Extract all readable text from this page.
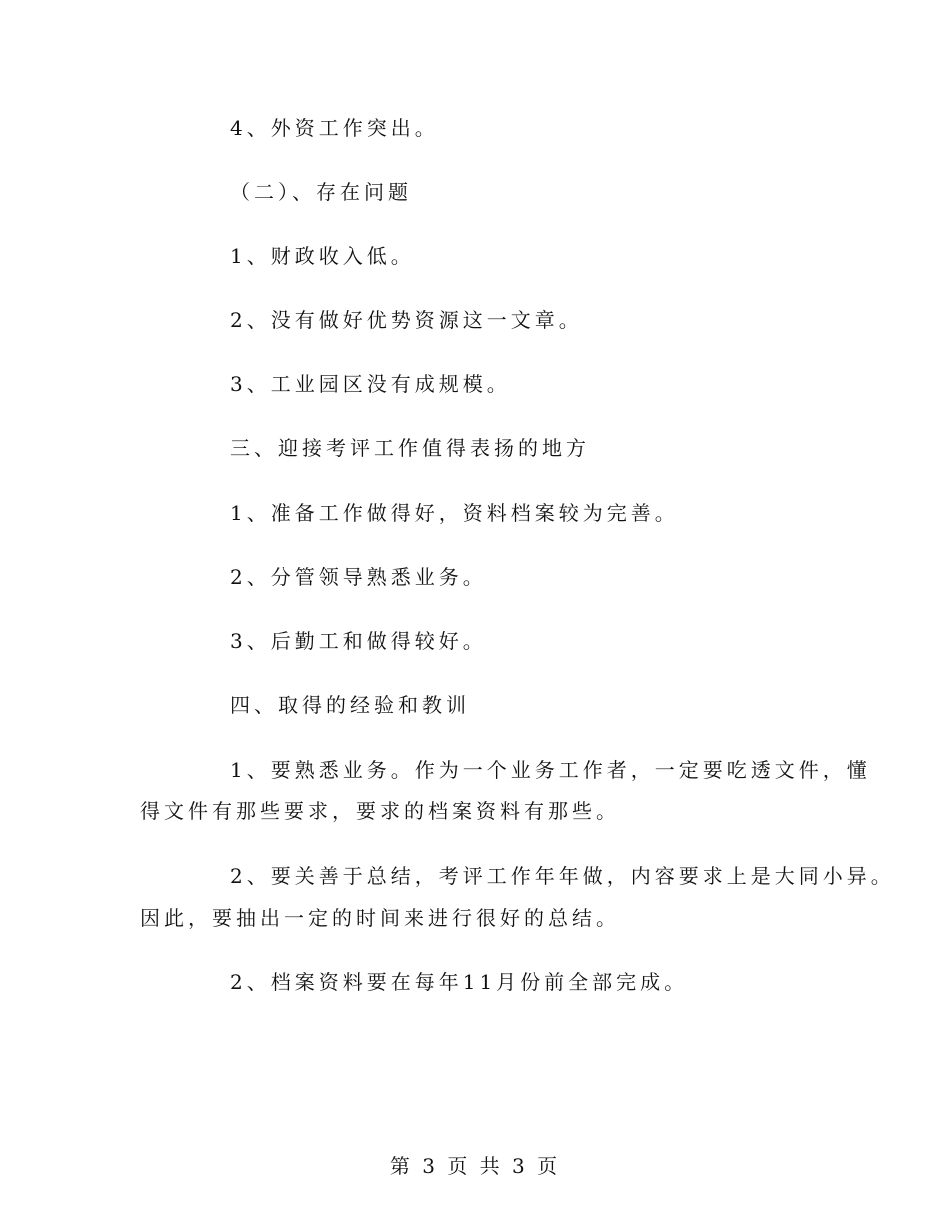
4、外资工作突出。
（二）、存在问题
1、财政收入低。
2、没有做好优势资源这一文章。
3、工业园区没有成规模。
三、迎接考评工作值得表扬的地方
1、准备工作做得好，资料档案较为完善。
2、分管领导熟悉业务。
3、后勤工和做得较好。
四、取得的经验和教训
1、要熟悉业务。作为一个业务工作者，一定要吃透文件，懂
得文件有那些要求，要求的档案资料有那些。
2、要关善于总结，考评工作年年做，内容要求上是大同小异。
因此，要抽出一定的时间来进行很好的总结。
2、档案资料要在每年11月份前全部完成。
第 3 页 共 3 页
